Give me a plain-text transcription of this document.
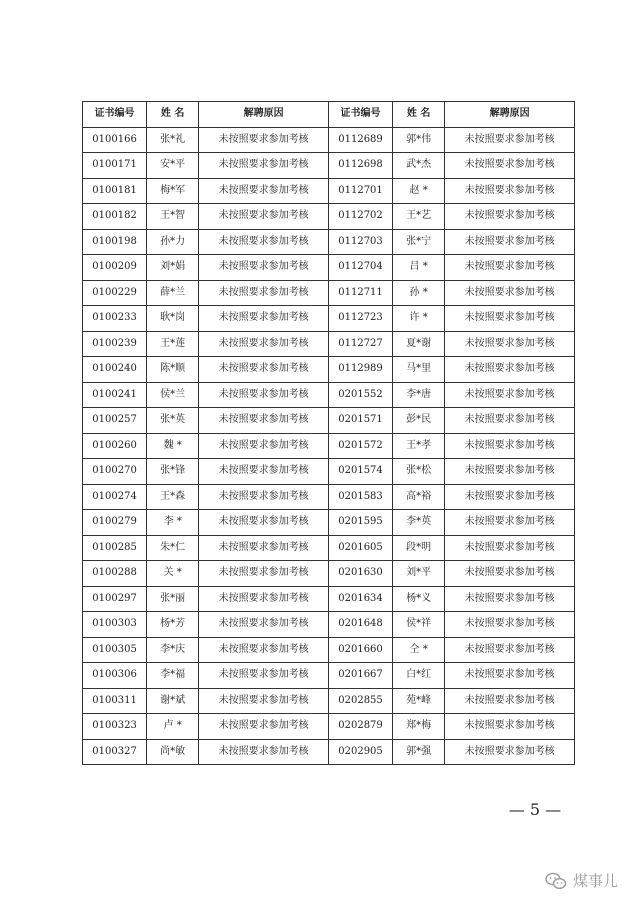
证书编号	姓 名	解聘原因	证书编号	姓 名	解聘原因
0100166	张*礼	未按照要求参加考核	0112689	郭*伟	未按照要求参加考核
0100171	安*平	未按照要求参加考核	0112698	武*杰	未按照要求参加考核
0100181	梅*军	未按照要求参加考核	0112701	赵 *	未按照要求参加考核
0100182	王*智	未按照要求参加考核	0112702	王*艺	未按照要求参加考核
0100198	孙*力	未按照要求参加考核	0112703	张*宁	未按照要求参加考核
0100209	刘*娟	未按照要求参加考核	0112704	吕 *	未按照要求参加考核
0100229	薛*兰	未按照要求参加考核	0112711	孙 *	未按照要求参加考核
0100233	耿*岗	未按照要求参加考核	0112723	许 *	未按照要求参加考核
0100239	王*莲	未按照要求参加考核	0112727	夏*谢	未按照要求参加考核
0100240	陈*顺	未按照要求参加考核	0112989	马*里	未按照要求参加考核
0100241	侯*兰	未按照要求参加考核	0201552	李*唐	未按照要求参加考核
0100257	张*英	未按照要求参加考核	0201571	彭*民	未按照要求参加考核
0100260	魏 *	未按照要求参加考核	0201572	王*孝	未按照要求参加考核
0100270	张*锋	未按照要求参加考核	0201574	张*松	未按照要求参加考核
0100274	王*森	未按照要求参加考核	0201583	高*裕	未按照要求参加考核
0100279	李 *	未按照要求参加考核	0201595	李*英	未按照要求参加考核
0100285	朱*仁	未按照要求参加考核	0201605	段*明	未按照要求参加考核
0100288	关 *	未按照要求参加考核	0201630	刘*平	未按照要求参加考核
0100297	张*丽	未按照要求参加考核	0201634	杨*义	未按照要求参加考核
0100303	杨*芳	未按照要求参加考核	0201648	侯*祥	未按照要求参加考核
0100305	李*庆	未按照要求参加考核	0201660	仝 *	未按照要求参加考核
0100306	李*福	未按照要求参加考核	0201667	白*红	未按照要求参加考核
0100311	谢*斌	未按照要求参加考核	0202855	苑*峰	未按照要求参加考核
0100323	卢 *	未按照要求参加考核	0202879	郑*梅	未按照要求参加考核
0100327	尚*敏	未按照要求参加考核	0202905	郭*强	未按照要求参加考核
— 5 —
煤事儿
